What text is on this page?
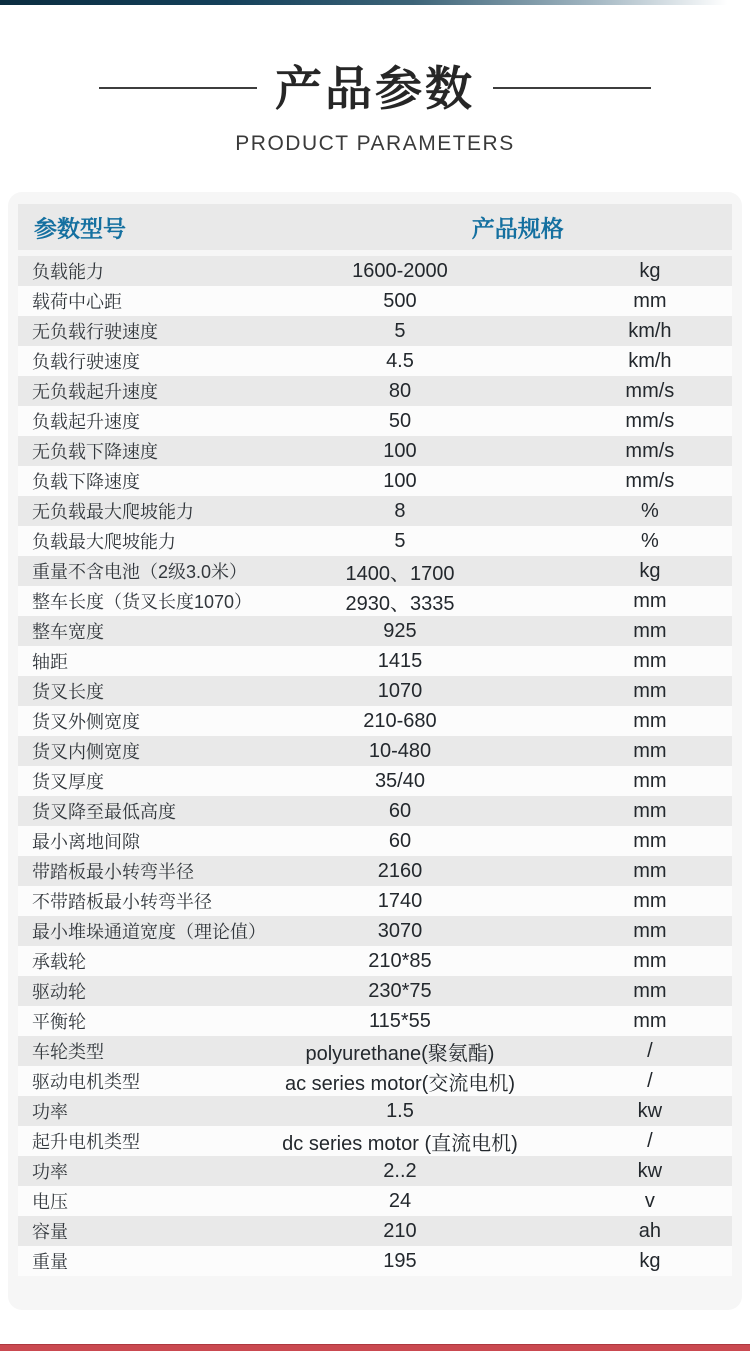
产品参数
PRODUCT PARAMETERS
参数型号	产品规格
负载能力	1600-2000	kg
载荷中心距	500	mm
无负载行驶速度	5	km/h
负载行驶速度	4.5	km/h
无负载起升速度	80	mm/s
负载起升速度	50	mm/s
无负载下降速度	100	mm/s
负载下降速度	100	mm/s
无负载最大爬坡能力	8	%
负载最大爬坡能力	5	%
重量不含电池（2级3.0米）	1400、1700	kg
整车长度（货叉长度1070）	2930、3335	mm
整车宽度	925	mm
轴距	1415	mm
货叉长度	1070	mm
货叉外侧宽度	210-680	mm
货叉内侧宽度	10-480	mm
货叉厚度	35/40	mm
货叉降至最低高度	60	mm
最小离地间隙	60	mm
带踏板最小转弯半径	2160	mm
不带踏板最小转弯半径	1740	mm
最小堆垛通道宽度（理论值）	3070	mm
承载轮	210*85	mm
驱动轮	230*75	mm
平衡轮	115*55	mm
车轮类型	polyurethane(聚氨酯)	/
驱动电机类型	ac series motor(交流电机)	/
功率	1.5	kw
起升电机类型	dc series motor (直流电机)	/
功率	2..2	kw
电压	24	v
容量	210	ah
重量	195	kg
